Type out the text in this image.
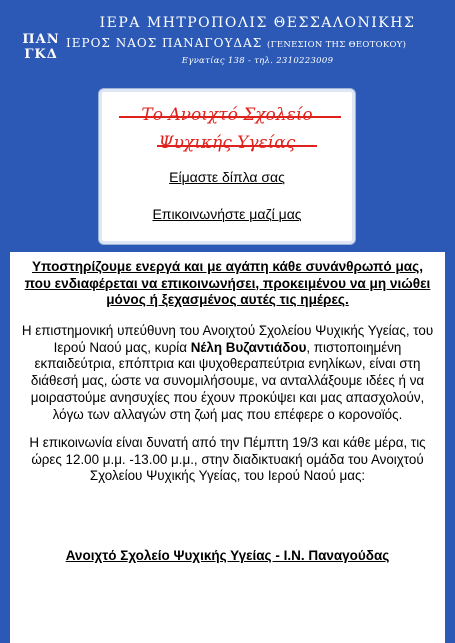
ΠΑΝ
ΓΚΔ
ΙΕΡΑ ΜΗΤΡΟΠΟΛΙΣ ΘΕΣΣΑΛΟΝΙΚΗΣ
ΙΕΡΟΣ ΝΑΟΣ ΠΑΝΑΓΟΥΔΑΣ (ΓΕΝΕΣΙΟΝ ΤΗΣ ΘΕΟΤΟΚΟΥ)
Εγνατίας 138 - τηλ. 2310223009
Το Ανοιχτό Σχολείο
Ψυχικής Υγείας
Είμαστε δίπλα σας
Επικοινωνήστε μαζί μας
Υποστηρίζουμε ενεργά και με αγάπη κάθε συνάνθρωπό μας, που ενδιαφέρεται να επικοινωνήσει, προκειμένου να μη νιώθει μόνος ή ξεχασμένος αυτές τις ημέρες.
Η επιστημονική υπεύθυνη του Ανοιχτού Σχολείου Ψυχικής Υγείας, του Ιερού Ναού μας, κυρία Νέλη Βυζαντιάδου, πιστοποιημένη εκπαιδεύτρια, επόπτρια και ψυχοθεραπεύτρια ενηλίκων, είναι στη διάθεσή μας, ώστε να συνομιλήσουμε, να ανταλλάξουμε ιδέες ή να μοιραστούμε ανησυχίες που έχουν προκύψει και μας απασχολούν, λόγω των αλλαγών στη ζωή μας που επέφερε ο κορονοϊός.
Η επικοινωνία είναι δυνατή από την Πέμπτη 19/3 και κάθε μέρα, τις ώρες 12.00 μ.μ. -13.00 μ.μ., στην διαδικτυακή ομάδα του Ανοιχτού Σχολείου Ψυχικής Υγείας, του Ιερού Ναού μας:
Ανοιχτό Σχολείο Ψυχικής Υγείας - Ι.Ν. Παναγούδας
